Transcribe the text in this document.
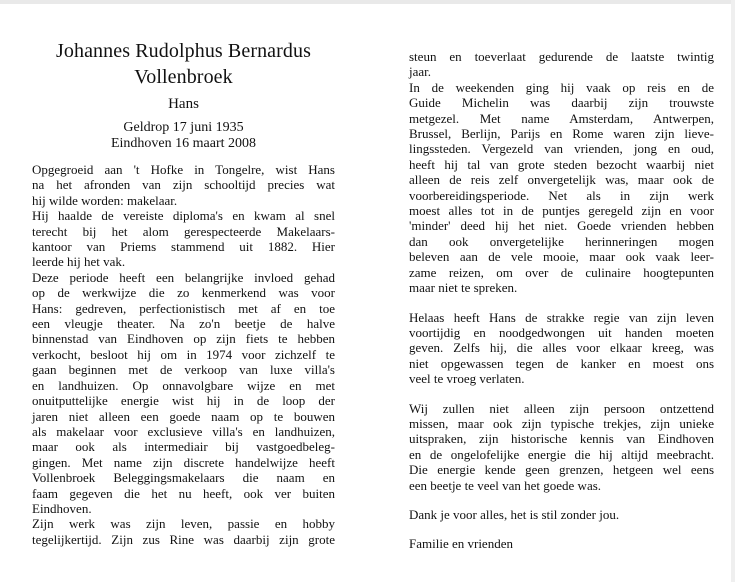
Johannes Rudolphus Bernardus
Vollenbroek
Hans
Geldrop 17 juni 1935
Eindhoven 16 maart 2008
Opgegroeid aan 't Hofke in Tongelre, wist Hans
na het afronden van zijn schooltijd precies wat
hij wilde worden: makelaar.
Hij haalde de vereiste diploma's en kwam al snel
terecht bij het alom gerespecteerde Makelaars-
kantoor van Priems stammend uit 1882. Hier
leerde hij het vak.
Deze periode heeft een belangrijke invloed gehad
op de werkwijze die zo kenmerkend was voor
Hans: gedreven, perfectionistisch met af en toe
een vleugje theater. Na zo'n beetje de halve
binnenstad van Eindhoven op zijn fiets te hebben
verkocht, besloot hij om in 1974 voor zichzelf te
gaan beginnen met de verkoop van luxe villa's
en landhuizen. Op onnavolgbare wijze en met
onuitputtelijke energie wist hij in de loop der
jaren niet alleen een goede naam op te bouwen
als makelaar voor exclusieve villa's en landhuizen,
maar ook als intermediair bij vastgoedbeleg-
gingen. Met name zijn discrete handelwijze heeft
Vollenbroek Beleggingsmakelaars die naam en
faam gegeven die het nu heeft, ook ver buiten
Eindhoven.
Zijn werk was zijn leven, passie en hobby
tegelijkertijd. Zijn zus Rine was daarbij zijn grote
steun en toeverlaat gedurende de laatste twintig
jaar.
In de weekenden ging hij vaak op reis en de
Guide Michelin was daarbij zijn trouwste
metgezel. Met name Amsterdam, Antwerpen,
Brussel, Berlijn, Parijs en Rome waren zijn lieve-
lingssteden. Vergezeld van vrienden, jong en oud,
heeft hij tal van grote steden bezocht waarbij niet
alleen de reis zelf onvergetelijk was, maar ook de
voorbereidingsperiode. Net als in zijn werk
moest alles tot in de puntjes geregeld zijn en voor
'minder' deed hij het niet. Goede vrienden hebben
dan ook onvergetelijke herinneringen mogen
beleven aan de vele mooie, maar ook vaak leer-
zame reizen, om over de culinaire hoogtepunten
maar niet te spreken.
Helaas heeft Hans de strakke regie van zijn leven
voortijdig en noodgedwongen uit handen moeten
geven. Zelfs hij, die alles voor elkaar kreeg, was
niet opgewassen tegen de kanker en moest ons
veel te vroeg verlaten.
Wij zullen niet alleen zijn persoon ontzettend
missen, maar ook zijn typische trekjes, zijn unieke
uitspraken, zijn historische kennis van Eindhoven
en de ongelofelijke energie die hij altijd meebracht.
Die energie kende geen grenzen, hetgeen wel eens
een beetje te veel van het goede was.
Dank je voor alles, het is stil zonder jou.
Familie en vrienden
